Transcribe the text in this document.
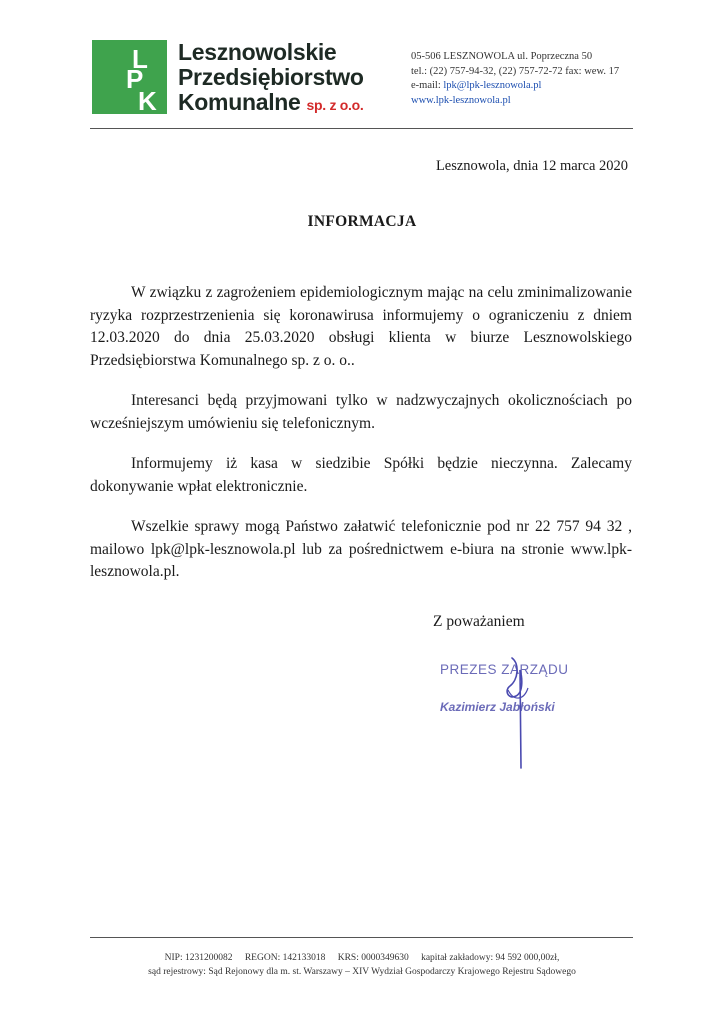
L
P
K
Lesznowolskie
Przedsiębiorstwo
Komunalne sp. z o.o.
05-506 LESZNOWOLA ul. Poprzeczna 50
tel.: (22) 757-94-32, (22) 757-72-72 fax: wew. 17
e-mail: lpk@lpk-lesznowola.pl
www.lpk-lesznowola.pl
Lesznowola, dnia 12 marca 2020
INFORMACJA

W związku z zagrożeniem epidemiologicznym mając na celu zminimalizowanie ryzyka rozprzestrzenienia się koronawirusa informujemy o ograniczeniu z dniem 12.03.2020 do dnia 25.03.2020 obsługi klienta w biurze Lesznowolskiego Przedsiębiorstwa Komunalnego sp. z o. o..

Interesanci będą przyjmowani tylko w nadzwyczajnych okolicznościach po wcześniejszym umówieniu się telefonicznym.

Informujemy iż kasa w siedzibie Spółki będzie nieczynna. Zalecamy dokonywanie wpłat elektronicznie.

Wszelkie sprawy mogą Państwo załatwić telefonicznie pod nr 22 757 94 32 , mailowo lpk@lpk-lesznowola.pl lub za pośrednictwem e-biura na stronie www.lpk-lesznowola.pl.

Z poważaniem
PREZES ZARZĄDU
Kazimierz Jabłoński
NIP: 1231200082 REGON: 142133018 KRS: 0000349630 kapitał zakładowy: 94 592 000,00zł,
sąd rejestrowy: Sąd Rejonowy dla m. st. Warszawy – XIV Wydział Gospodarczy Krajowego Rejestru Sądowego
